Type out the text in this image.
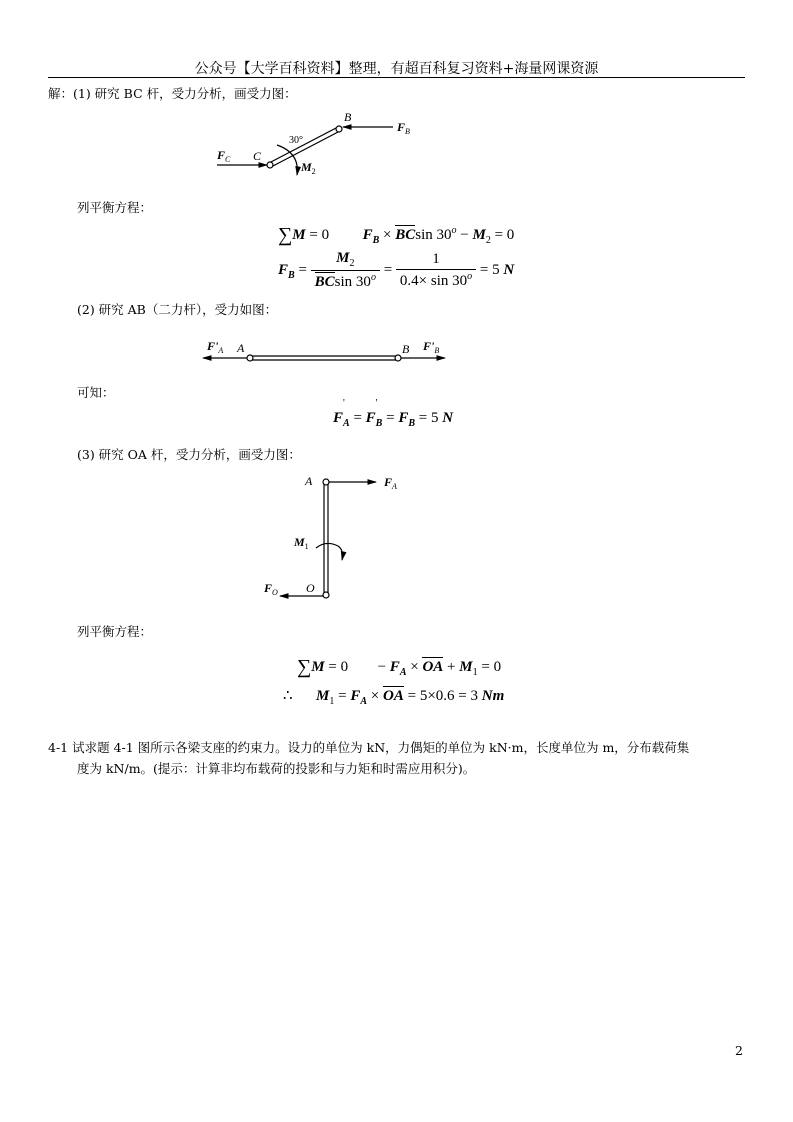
公众号【大学百科资料】整理，有超百科复习资料+海量网课资源
解：(1) 研究 BC 杆，受力分析，画受力图：
B
$F_B$
30°
$F_C$ C
$M_2$
列平衡方程：
∑M = 0 $F_B \times BCsin$ $30^o - M_2 = 0$
$F_B = \frac{M_2}{BCsin 30^o} = \frac{1}{0.4\times \sin 30^o} = 5$ N
(2) 研究 AB（二力杆），受力如图：
$F'_A$ A	B $F'_B$
可知：
F
'
$_A$ = F
'
$_B = F_B = 5$ N
(3) 研究 OA 杆，受力分析，画受力图：
A	$F_A$
$M_1$
$F_O$ O
列平衡方程：
$\sum M = 0 - F_A$ × OA + $M_1 = 0$
∴ $M_1 = F_A$ × OA = 5×0.6 = 3 Nm
4-1 试求题 4-1 图所示各梁支座的约束力。设力的单位为 kN，力偶矩的单位为 kN·m，长度单位为 m，分布载荷集
度为 kN/m。(提示：计算非均布载荷的投影和与力矩和时需应用积分)。
2
